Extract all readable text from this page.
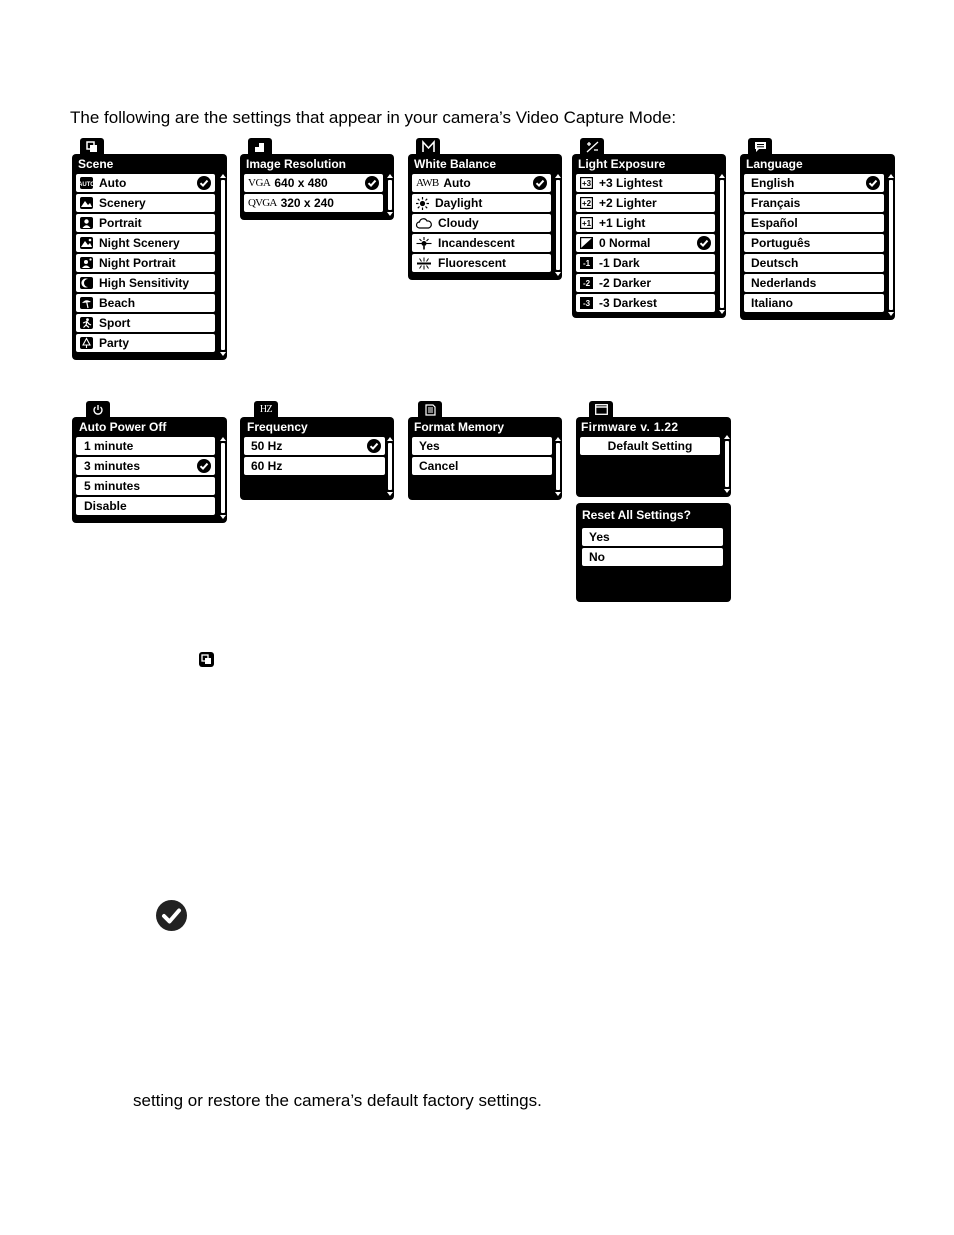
The following are the settings that appear in your camera’s Video Capture Mode:
Scene
AUTO Auto
Scenery
Portrait
Night Scenery
Night Portrait
High Sensitivity
Beach
Sport
Party
Image Resolution
VGA 640 x 480
QVGA 320 x 240
White Balance
AWB Auto
Daylight
Cloudy
Incandescent
Fluorescent
Light Exposure
+3 +3 Lightest
+2 +2 Lighter
+1 +1 Light
0 Normal
-1 -1 Dark
-2 -2 Darker
-3 -3 Darkest
Language
English
Français
Español
Português
Deutsch
Nederlands
Italiano
Auto Power Off
1 minute
3 minutes
5 minutes
Disable
HZ
Frequency
50 Hz
60 Hz
Format Memory
Yes
Cancel
Firmware v. 1.22
Default Setting
Reset All Settings?
Yes
No
setting or restore the camera’s default factory settings.
